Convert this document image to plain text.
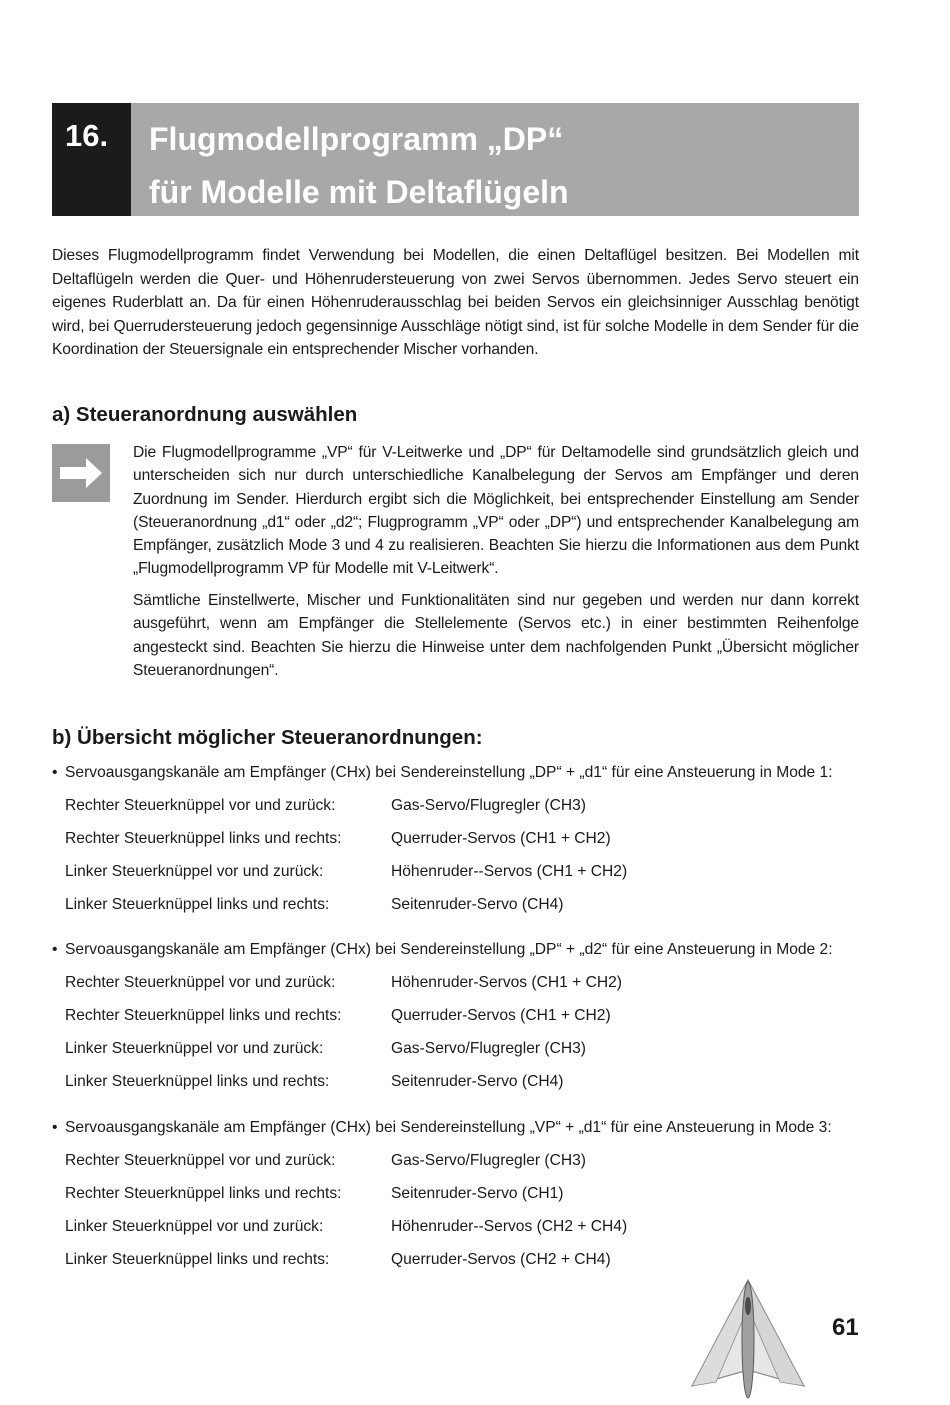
16. Flugmodellprogramm „DP“
für Modelle mit Deltaflügeln

Dieses Flugmodellprogramm findet Verwendung bei Modellen, die einen Deltaflügel besitzen. Bei Modellen mit Deltaflügeln werden die Quer- und Höhenrudersteuerung von zwei Servos übernommen. Jedes Servo steuert ein eigenes Ruderblatt an. Da für einen Höhenruderausschlag bei beiden Servos ein gleichsinniger Ausschlag benötigt wird, bei Querrudersteuerung jedoch gegensinnige Ausschläge nötigt sind, ist für solche Modelle in dem Sender für die Koordination der Steuersignale ein entsprechender Mischer vorhanden.

a) Steueranordnung auswählen

Die Flugmodellprogramme „VP“ für V-Leitwerke und „DP“ für Deltamodelle sind grundsätzlich gleich und unterscheiden sich nur durch unterschiedliche Kanalbelegung der Servos am Empfänger und deren Zuordnung im Sender. Hierdurch ergibt sich die Möglichkeit, bei entsprechender Einstellung am Sender (Steueranordnung „d1“ oder „d2“; Flugprogramm „VP“ oder „DP“) und entsprechender Kanalbelegung am Empfänger, zusätzlich Mode 3 und 4 zu realisieren. Beachten Sie hierzu die Informationen aus dem Punkt „Flugmodellprogramm VP für Modelle mit V-Leitwerk“.

Sämtliche Einstellwerte, Mischer und Funktionalitäten sind nur gegeben und werden nur dann korrekt ausgeführt, wenn am Empfänger die Stellelemente (Servos etc.) in einer bestimmten Reihenfolge angesteckt sind. Beachten Sie hierzu die Hinweise unter dem nachfolgenden Punkt „Übersicht möglicher Steueranordnungen“.

b) Übersicht möglicher Steueranordnungen:
• Servoausgangskanäle am Empfänger (CHx) bei Sendereinstellung „DP“ + „d1“ für eine Ansteuerung in Mode 1:
Rechter Steuerknüppel vor und zurück:	Gas-Servo/Flugregler (CH3)
Rechter Steuerknüppel links und rechts:	Querruder-Servos (CH1 + CH2)
Linker Steuerknüppel vor und zurück:	Höhenruder--Servos (CH1 + CH2)
Linker Steuerknüppel links und rechts:	Seitenruder-Servo (CH4)
• Servoausgangskanäle am Empfänger (CHx) bei Sendereinstellung „DP“ + „d2“ für eine Ansteuerung in Mode 2:
Rechter Steuerknüppel vor und zurück:	Höhenruder-Servos (CH1 + CH2)
Rechter Steuerknüppel links und rechts:	Querruder-Servos (CH1 + CH2)
Linker Steuerknüppel vor und zurück:	Gas-Servo/Flugregler (CH3)
Linker Steuerknüppel links und rechts:	Seitenruder-Servo (CH4)
• Servoausgangskanäle am Empfänger (CHx) bei Sendereinstellung „VP“ + „d1“ für eine Ansteuerung in Mode 3:
Rechter Steuerknüppel vor und zurück:	Gas-Servo/Flugregler (CH3)
Rechter Steuerknüppel links und rechts:	Seitenruder-Servo (CH1)
Linker Steuerknüppel vor und zurück:	Höhenruder--Servos (CH2 + CH4)
Linker Steuerknüppel links und rechts:	Querruder-Servos (CH2 + CH4)
61
